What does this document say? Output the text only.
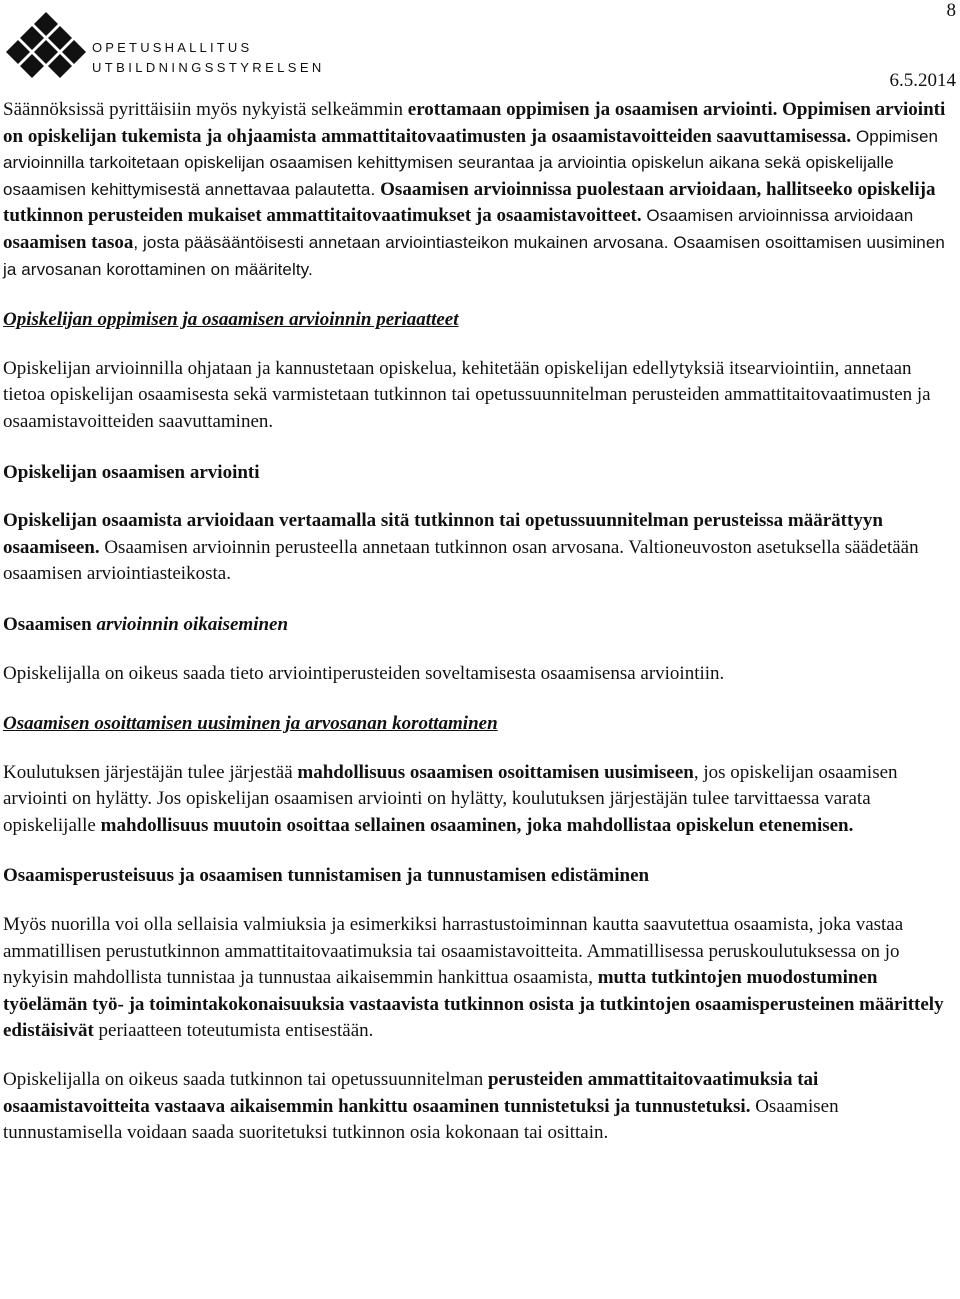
8
OPETUSHALLITUS
UTBILDNINGSSTYRELSEN
6.5.2014

Säännöksissä pyrittäisiin myös nykyistä selkeämmin erottamaan oppimisen ja osaamisen arviointi. Oppimisen arviointi on opiskelijan tukemista ja ohjaamista ammattitaitovaatimusten ja osaamistavoitteiden saavuttamisessa. Oppimisen arvioinnilla tarkoitetaan opiskelijan osaamisen kehittymisen seurantaa ja arviointia opiskelun aikana sekä opiskelijalle osaamisen kehittymisestä annettavaa palautetta. Osaamisen arvioinnissa puolestaan arvioidaan, hallitseeko opiskelija tutkinnon perusteiden mukaiset ammattitaitovaatimukset ja osaamistavoitteet. Osaamisen arvioinnissa arvioidaan osaamisen tasoa, josta pääsääntöisesti annetaan arviointiasteikon mukainen arvosana. Osaamisen osoittamisen uusiminen ja arvosanan korottaminen on määritelty.

Opiskelijan oppimisen ja osaamisen arvioinnin periaatteet

Opiskelijan arvioinnilla ohjataan ja kannustetaan opiskelua, kehitetään opiskelijan edellytyksiä itsearviointiin, annetaan tietoa opiskelijan osaamisesta sekä varmistetaan tutkinnon tai opetussuunnitelman perusteiden ammattitaitovaatimusten ja osaamistavoitteiden saavuttaminen.

Opiskelijan osaamisen arviointi

Opiskelijan osaamista arvioidaan vertaamalla sitä tutkinnon tai opetussuunnitelman perusteissa määrättyyn osaamiseen. Osaamisen arvioinnin perusteella annetaan tutkinnon osan arvosana. Valtioneuvoston asetuksella säädetään osaamisen arviointiasteikosta.

Osaamisen arvioinnin oikaiseminen

Opiskelijalla on oikeus saada tieto arviointiperusteiden soveltamisesta osaamisensa arviointiin.

Osaamisen osoittamisen uusiminen ja arvosanan korottaminen

Koulutuksen järjestäjän tulee järjestää mahdollisuus osaamisen osoittamisen uusimiseen, jos opiskelijan osaamisen arviointi on hylätty. Jos opiskelijan osaamisen arviointi on hylätty, koulutuksen järjestäjän tulee tarvittaessa varata opiskelijalle mahdollisuus muutoin osoittaa sellainen osaaminen, joka mahdollistaa opiskelun etenemisen.

Osaamisperusteisuus ja osaamisen tunnistamisen ja tunnustamisen edistäminen

Myös nuorilla voi olla sellaisia valmiuksia ja esimerkiksi harrastustoiminnan kautta saavutettua osaamista, joka vastaa ammatillisen perustutkinnon ammattitaitovaatimuksia tai osaamistavoitteita. Ammatillisessa peruskoulutuksessa on jo nykyisin mahdollista tunnistaa ja tunnustaa aikaisemmin hankittua osaamista, mutta tutkintojen muodostuminen työelämän työ- ja toimintakokonaisuuksia vastaavista tutkinnon osista ja tutkintojen osaamisperusteinen määrittely edistäisivät periaatteen toteutumista entisestään.

Opiskelijalla on oikeus saada tutkinnon tai opetussuunnitelman perusteiden ammattitaitovaatimuksia tai osaamistavoitteita vastaava aikaisemmin hankittu osaaminen tunnistetuksi ja tunnustetuksi. Osaamisen tunnustamisella voidaan saada suoritetuksi tutkinnon osia kokonaan tai osittain.
